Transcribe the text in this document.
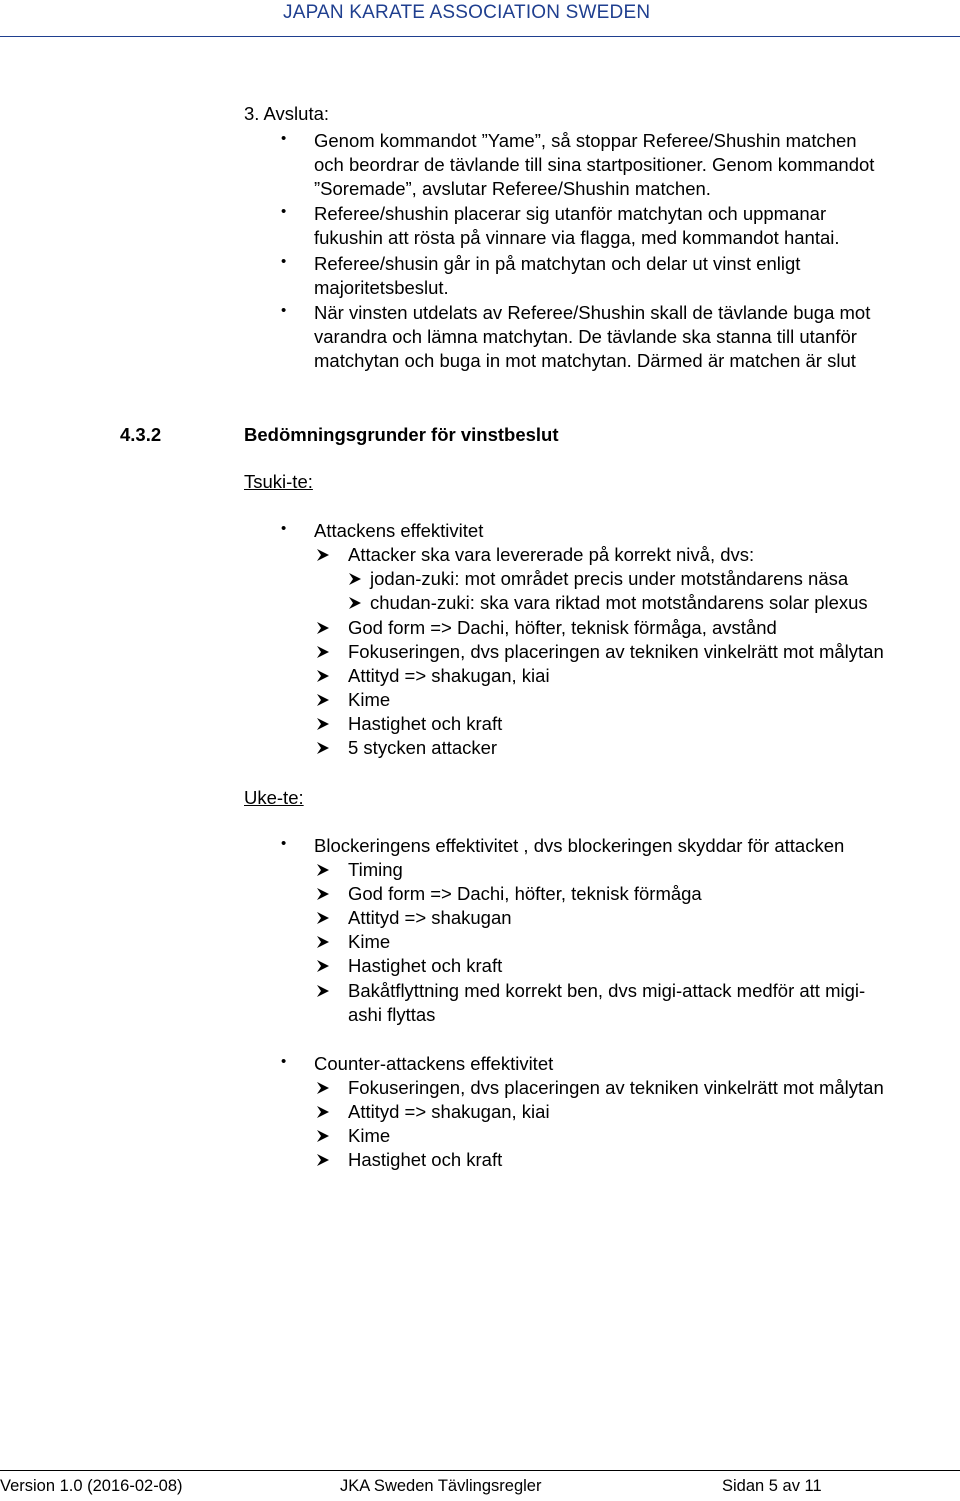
JAPAN KARATE ASSOCIATION SWEDEN
3. Avsluta:
• Genom kommandot ”Yame”, så stoppar Referee/Shushin matchen
och beordrar de tävlande till sina startpositioner. Genom kommandot
”Soremade”, avslutar Referee/Shushin matchen.
• Referee/shushin placerar sig utanför matchytan och uppmanar
fukushin att rösta på vinnare via flagga, med kommandot hantai.
• Referee/shusin går in på matchytan och delar ut vinst enligt
majoritetsbeslut.
• När vinsten utdelats av Referee/Shushin skall de tävlande buga mot
varandra och lämna matchytan. De tävlande ska stanna till utanför
matchytan och buga in mot matchytan. Därmed är matchen är slut
4.3.2	Bedömningsgrunder för vinstbeslut
Tsuki-te:
• Attackens effektivitet
Attacker ska vara levererade på korrekt nivå, dvs:
jodan-zuki: mot området precis under motståndarens näsa
chudan-zuki: ska vara riktad mot motståndarens solar plexus
God form => Dachi, höfter, teknisk förmåga, avstånd
Fokuseringen, dvs placeringen av tekniken vinkelrätt mot målytan
Attityd => shakugan, kiai
Kime
Hastighet och kraft
5 stycken attacker
Uke-te:
• Blockeringens effektivitet , dvs blockeringen skyddar för attacken
Timing
God form => Dachi, höfter, teknisk förmåga
Attityd => shakugan
Kime
Hastighet och kraft
Bakåtflyttning med korrekt ben, dvs migi-attack medför att migi-
ashi flyttas
• Counter-attackens effektivitet
Fokuseringen, dvs placeringen av tekniken vinkelrätt mot målytan
Attityd => shakugan, kiai
Kime
Hastighet och kraft
Version 1.0 (2016-02-08)	JKA Sweden Tävlingsregler	Sidan 5 av 11
